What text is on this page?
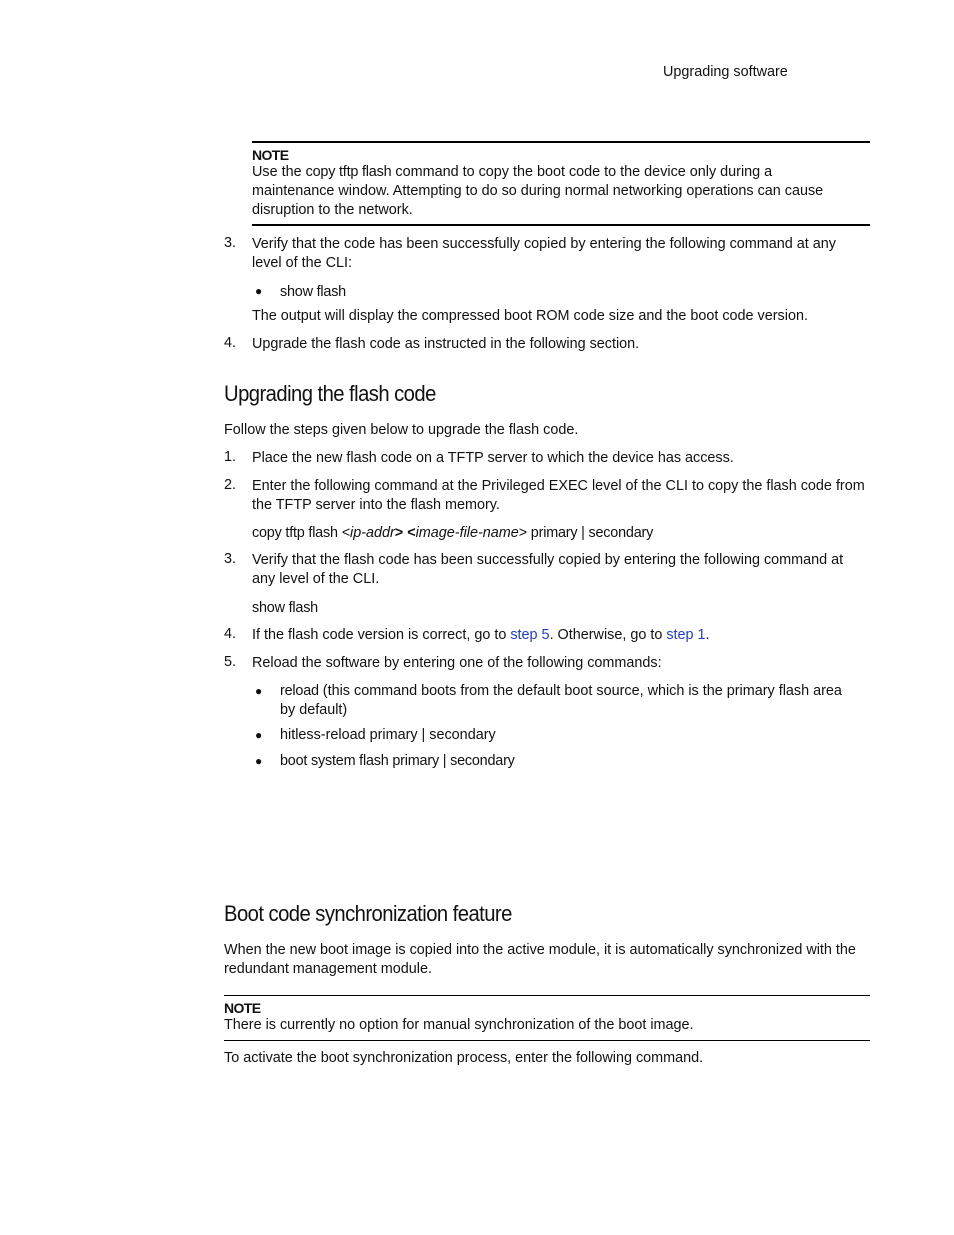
Upgrading software
NOTE
Use the copy tftp flash command to copy the boot code to the device only during a
maintenance window. Attempting to do so during normal networking operations can cause
disruption to the network.
3. Verify that the code has been successfully copied by entering the following command at any
level of the CLI:
● show flash
The output will display the compressed boot ROM code size and the boot code version.
4. Upgrade the flash code as instructed in the following section.
Upgrading the flash code
Follow the steps given below to upgrade the flash code.
1. Place the new flash code on a TFTP server to which the device has access.
2. Enter the following command at the Privileged EXEC level of the CLI to copy the flash code from
the TFTP server into the flash memory.
copy tftp flash <ip-addr> <image-file-name> primary | secondary
3. Verify that the flash code has been successfully copied by entering the following command at
any level of the CLI.
show flash
4. If the flash code version is correct, go to step 5. Otherwise, go to step 1.
5. Reload the software by entering one of the following commands:
● reload (this command boots from the default boot source, which is the primary flash area
by default)
● hitless-reload primary | secondary
● boot system flash primary | secondary
Boot code synchronization feature
When the new boot image is copied into the active module, it is automatically synchronized with the
redundant management module.
NOTE
There is currently no option for manual synchronization of the boot image.
To activate the boot synchronization process, enter the following command.
